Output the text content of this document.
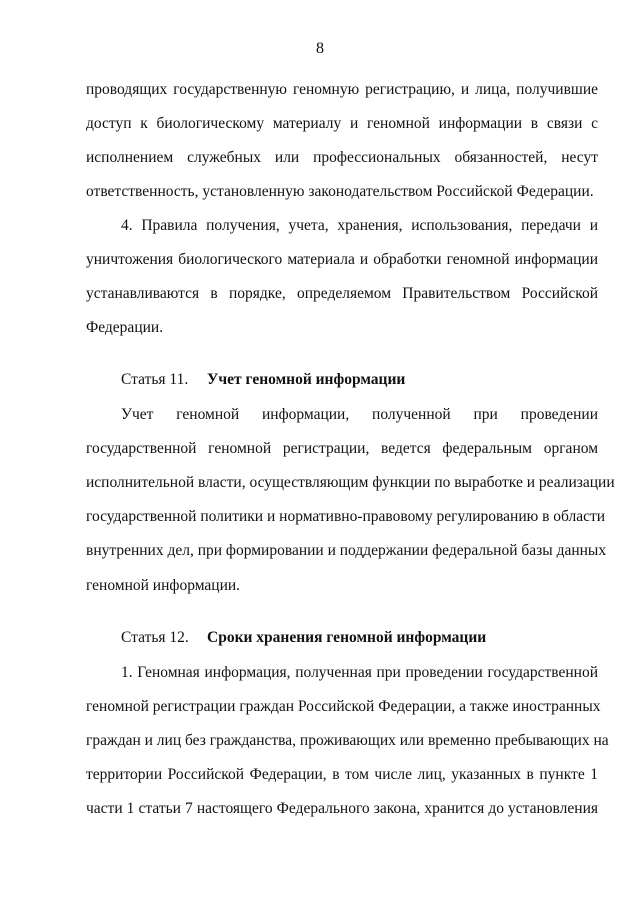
8
проводящих государственную геномную регистрацию, и лица, получившие
доступ к биологическому материалу и геномной информации в связи с
исполнением служебных или профессиональных обязанностей, несут
ответственность, установленную законодательством Российской Федерации.
4. Правила получения, учета, хранения, использования, передачи и
уничтожения биологического материала и обработки геномной информации
устанавливаются в порядке, определяемом Правительством Российской
Федерации.
Статья 11. Учет геномной информации
Учет геномной информации, полученной при проведении
государственной геномной регистрации, ведется федеральным органом
исполнительной власти, осуществляющим функции по выработке и реализации
государственной политики и нормативно-правовому регулированию в области
внутренних дел, при формировании и поддержании федеральной базы данных
геномной информации.
Статья 12. Сроки хранения геномной информации
1. Геномная информация, полученная при проведении государственной
геномной регистрации граждан Российской Федерации, а также иностранных
граждан и лиц без гражданства, проживающих или временно пребывающих на
территории Российской Федерации, в том числе лиц, указанных в пункте 1
части 1 статьи 7 настоящего Федерального закона, хранится до установления
